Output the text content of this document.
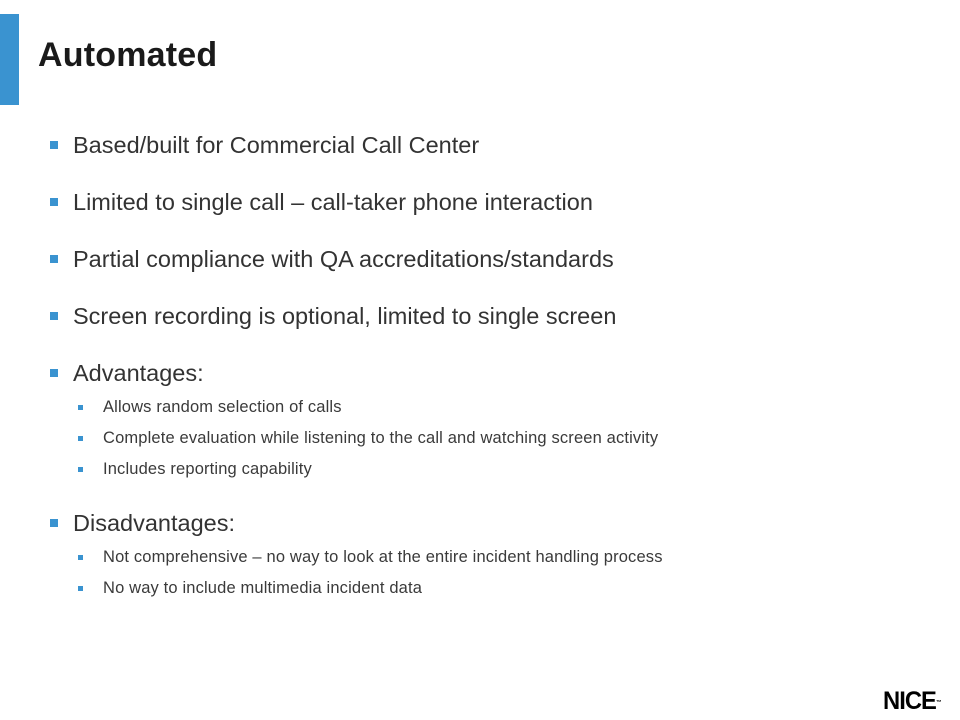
Automated
Based/built for Commercial Call Center
Limited to single call – call-taker phone interaction
Partial compliance with QA accreditations/standards
Screen recording is optional, limited to single screen
Advantages:
Allows random selection of calls
Complete evaluation while listening to the call and watching screen activity
Includes reporting capability
Disadvantages:
Not comprehensive – no way to look at the entire incident handling process
No way to include multimedia incident data
NICE™
